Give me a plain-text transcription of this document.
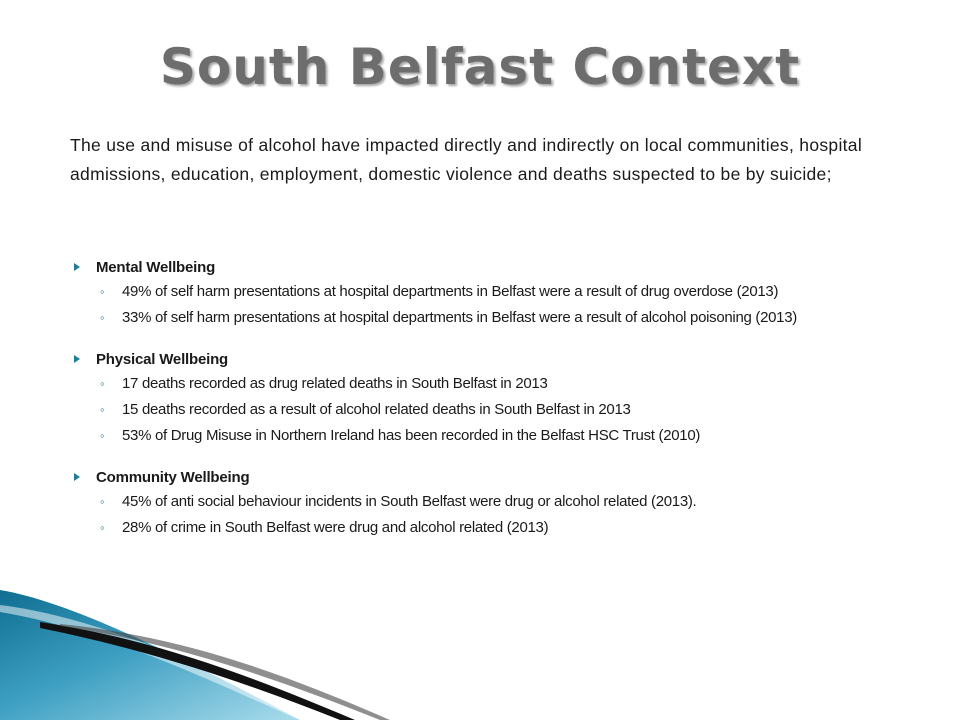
South Belfast Context

The use and misuse of alcohol have impacted directly and indirectly on local communities, hospital admissions, education, employment, domestic violence and deaths suspected to be by suicide;

Mental Wellbeing
◦	49% of self harm presentations at hospital departments in Belfast were a result of drug overdose (2013)
◦	33% of self harm presentations at hospital departments in Belfast were a result of alcohol poisoning (2013)
Physical Wellbeing
◦	17 deaths recorded as drug related deaths in South Belfast in 2013
◦	15 deaths recorded as a result of alcohol related deaths in South Belfast in 2013
◦	53% of Drug Misuse in Northern Ireland has been recorded in the Belfast HSC Trust (2010)
Community Wellbeing
◦	45% of anti social behaviour incidents in South Belfast were drug or alcohol related (2013).
◦	28% of crime in South Belfast were drug and alcohol related (2013)
